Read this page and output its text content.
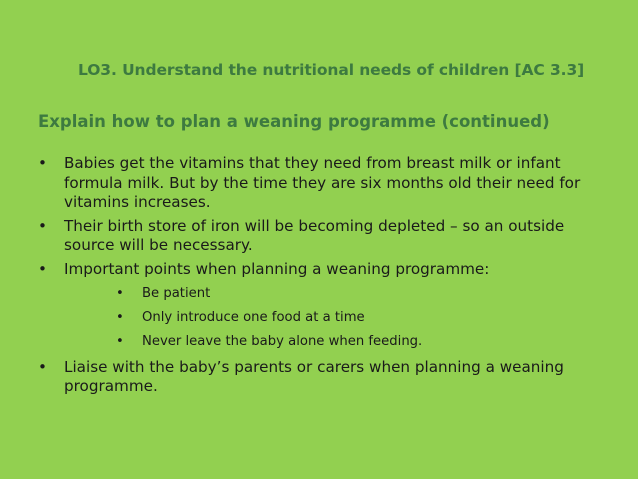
LO3. Understand the nutritional needs of children [AC 3.3]
Explain how to plan a weaning programme (continued)
• Babies get the vitamins that they need from breast milk or infant formula milk. But by the time they are six months old their need for vitamins increases.
• Their birth store of iron will be becoming depleted – so an outside source will be necessary.
• Important points when planning a weaning programme:
• Be patient
• Only introduce one food at a time
• Never leave the baby alone when feeding.
• Liaise with the baby’s parents or carers when planning a weaning programme.
